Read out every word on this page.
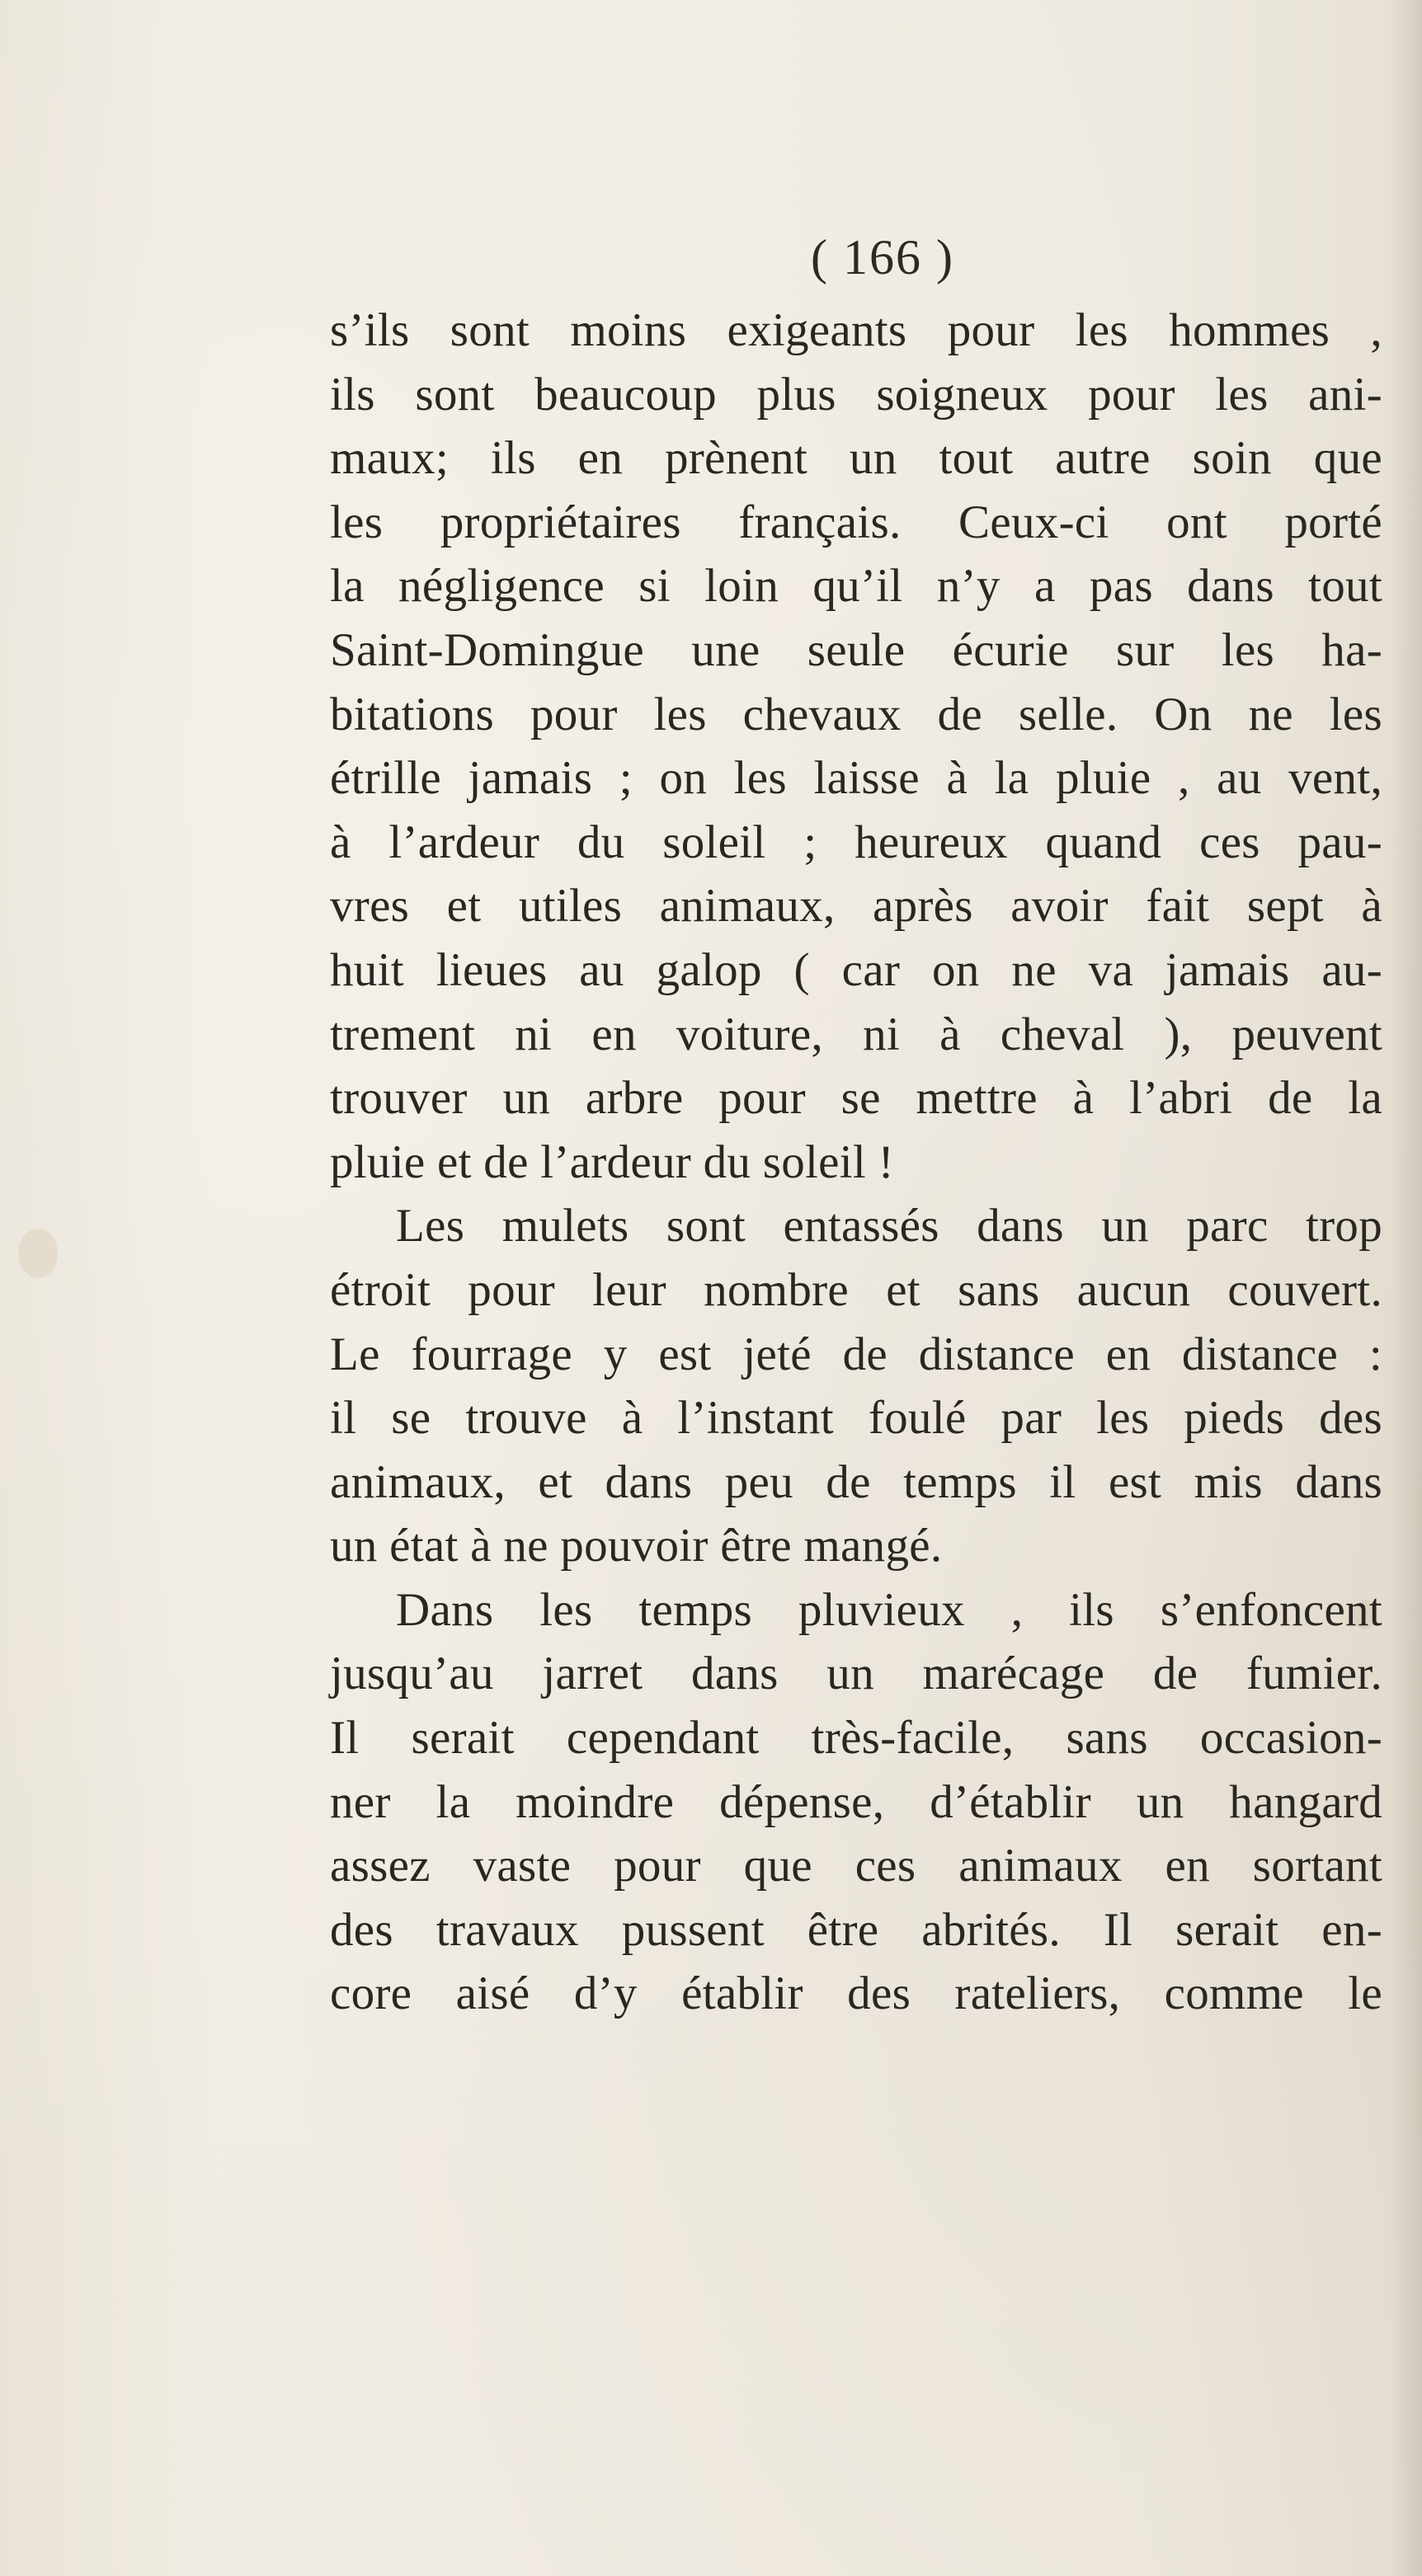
( 166 )
s’ils sont moins exigeants pour les hommes ,
ils sont beaucoup plus soigneux pour les ani-
maux; ils en prènent un tout autre soin que
les propriétaires français. Ceux-ci ont porté
la négligence si loin qu’il n’y a pas dans tout
Saint-Domingue une seule écurie sur les ha-
bitations pour les chevaux de selle. On ne les
étrille jamais ; on les laisse à la pluie , au vent,
à l’ardeur du soleil ; heureux quand ces pau-
vres et utiles animaux, après avoir fait sept à
huit lieues au galop ( car on ne va jamais au-
trement ni en voiture, ni à cheval ), peuvent
trouver un arbre pour se mettre à l’abri de la
pluie et de l’ardeur du soleil !
Les mulets sont entassés dans un parc trop
étroit pour leur nombre et sans aucun couvert.
Le fourrage y est jeté de distance en distance :
il se trouve à l’instant foulé par les pieds des
animaux, et dans peu de temps il est mis dans
un état à ne pouvoir être mangé.
Dans les temps pluvieux , ils s’enfoncent
jusqu’au jarret dans un marécage de fumier.
Il serait cependant très-facile, sans occasion-
ner la moindre dépense, d’établir un hangard
assez vaste pour que ces animaux en sortant
des travaux pussent être abrités. Il serait en-
core aisé d’y établir des rateliers, comme le
